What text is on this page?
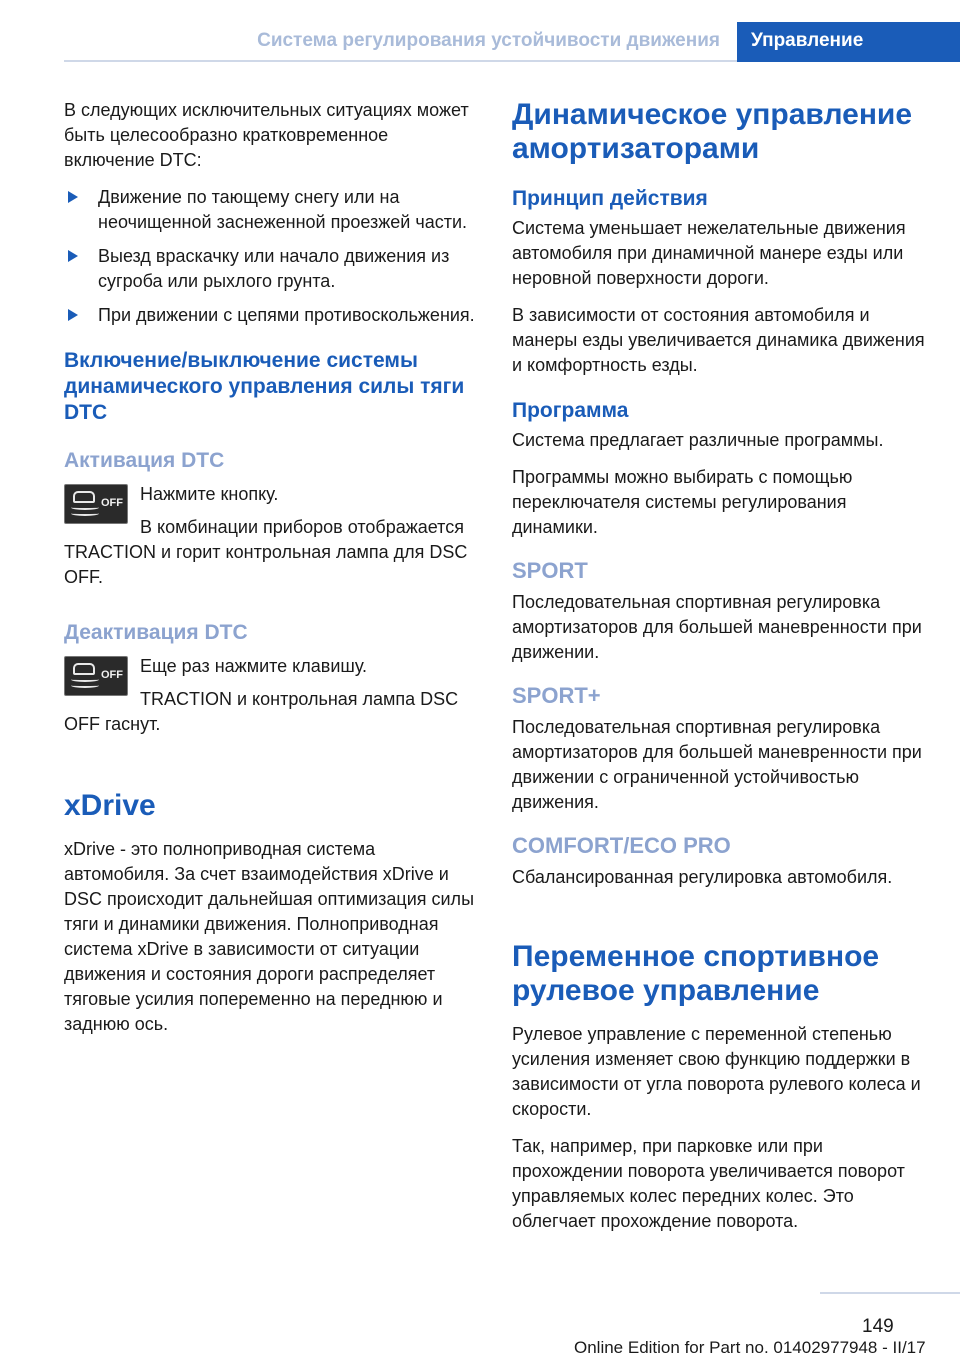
Система регулирования устойчивости движения	Управление

В следующих исключительных ситуациях может быть целесообразно кратковременное включение DTC:

Движение по тающему снегу или на неочищенной заснеженной проезжей части.
Выезд враскачку или начало движения из сугроба или рыхлого грунта.
При движении с цепями противоскольжения.
Включение/выключение системы динамического управления силы тяги DTC
Активация DTC
OFF Нажмите кнопку.

В комбинации приборов отображается TRACTION и горит контрольная лампа для DSC OFF.

Деактивация DTC
OFF Еще раз нажмите клавишу.

TRACTION и контрольная лампа DSC OFF гаснут.

xDrive

xDrive - это полноприводная система автомобиля. За счет взаимодействия xDrive и DSC происходит дальнейшая оптимизация силы тяги и динамики движения. Полноприводная система xDrive в зависимости от ситуации движения и состояния дороги распределяет тяговые усилия попеременно на переднюю и заднюю ось.

Динамическое управление амортизаторами
Принцип действия

Система уменьшает нежелательные движения автомобиля при динамичной манере езды или неровной поверхности дороги.

В зависимости от состояния автомобиля и манеры езды увеличивается динамика движения и комфортность езды.

Программа

Система предлагает различные программы.

Программы можно выбирать с помощью переключателя системы регулирования динамики.

SPORT

Последовательная спортивная регулировка амортизаторов для большей маневренности при движении.

SPORT+

Последовательная спортивная регулировка амортизаторов для большей маневренности при движении с ограниченной устойчивостью движения.

COMFORT/ECO PRO

Сбалансированная регулировка автомобиля.

Переменное спортивное рулевое управление

Рулевое управление с переменной степенью усиления изменяет свою функцию поддержки в зависимости от угла поворота рулевого колеса и скорости.

Так, например, при парковке или при прохождении поворота увеличивается поворот управляемых колес передних колес. Это облегчает прохождение поворота.

149
Online Edition for Part no. 01402977948 - II/17
